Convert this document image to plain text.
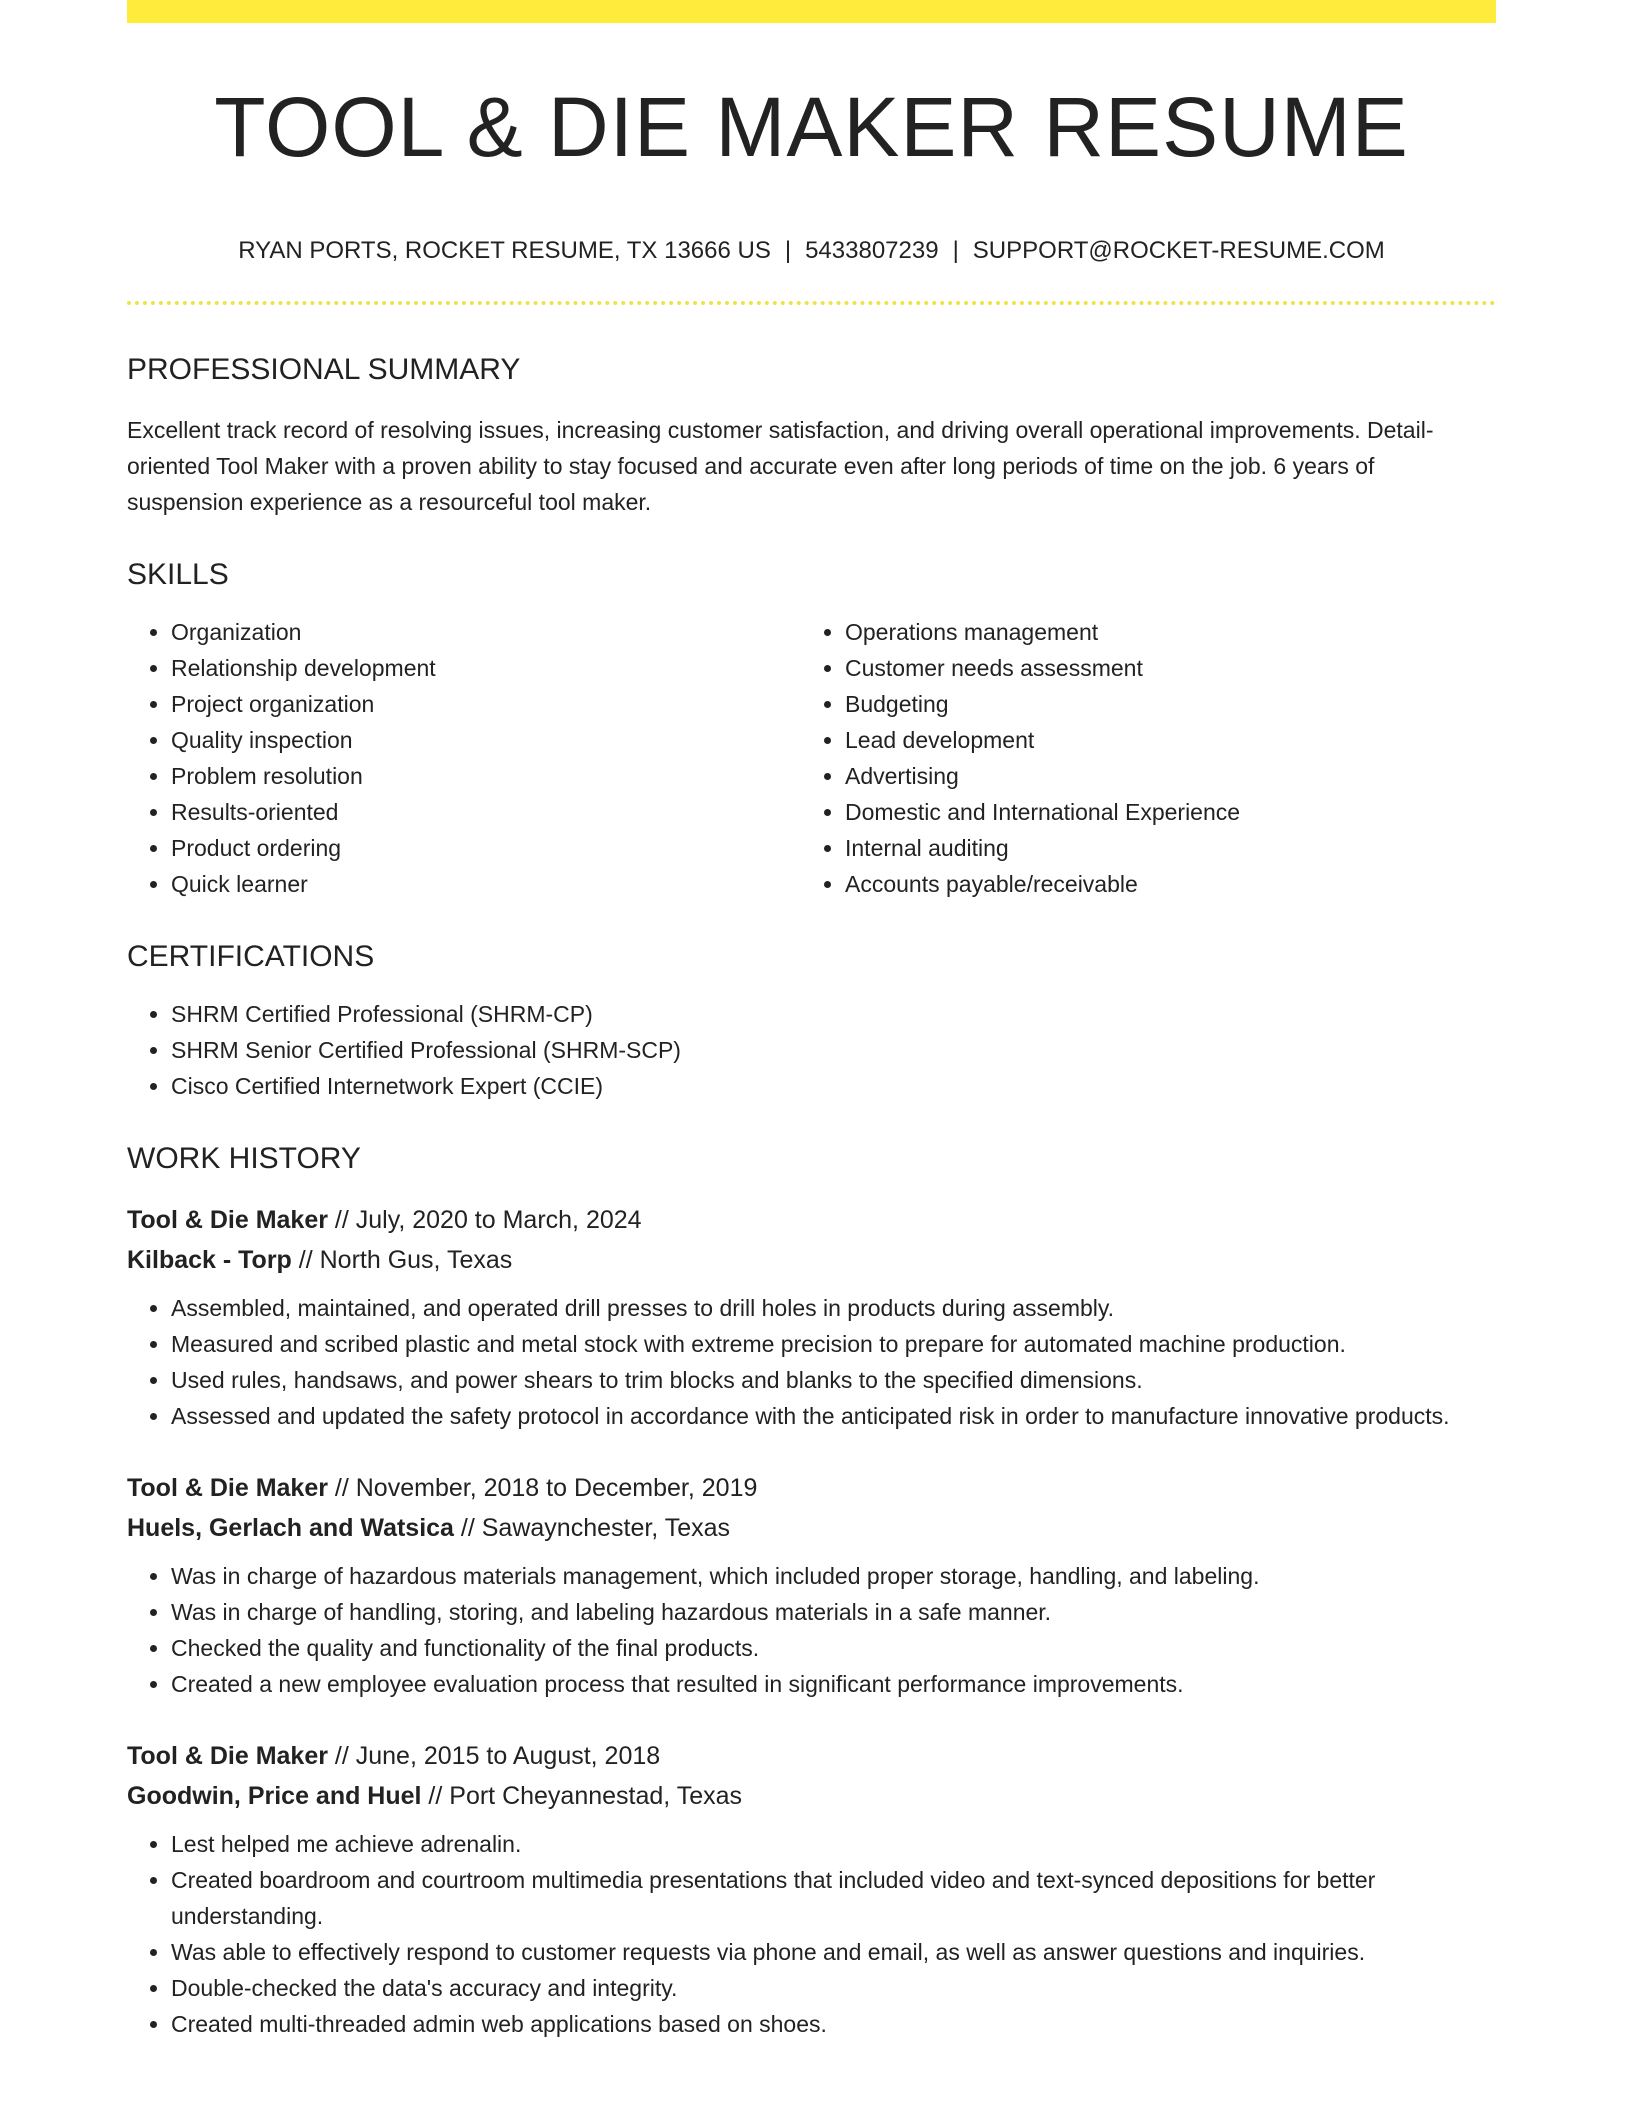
TOOL & DIE MAKER RESUME
RYAN PORTS, ROCKET RESUME, TX 13666 US | 5433807239 | SUPPORT@ROCKET-RESUME.COM
PROFESSIONAL SUMMARY
Excellent track record of resolving issues, increasing customer satisfaction, and driving overall operational improvements. Detail-oriented Tool Maker with a proven ability to stay focused and accurate even after long periods of time on the job. 6 years of suspension experience as a resourceful tool maker.
SKILLS
• Organization
• Relationship development
• Project organization
• Quality inspection
• Problem resolution
• Results-oriented
• Product ordering
• Quick learner
• Operations management
• Customer needs assessment
• Budgeting
• Lead development
• Advertising
• Domestic and International Experience
• Internal auditing
• Accounts payable/receivable
CERTIFICATIONS
• SHRM Certified Professional (SHRM-CP)
• SHRM Senior Certified Professional (SHRM-SCP)
• Cisco Certified Internetwork Expert (CCIE)
WORK HISTORY
Tool & Die Maker // July, 2020 to March, 2024
Kilback - Torp // North Gus, Texas
• Assembled, maintained, and operated drill presses to drill holes in products during assembly.
• Measured and scribed plastic and metal stock with extreme precision to prepare for automated machine production.
• Used rules, handsaws, and power shears to trim blocks and blanks to the specified dimensions.
• Assessed and updated the safety protocol in accordance with the anticipated risk in order to manufacture innovative products.
Tool & Die Maker // November, 2018 to December, 2019
Huels, Gerlach and Watsica // Sawaynchester, Texas
• Was in charge of hazardous materials management, which included proper storage, handling, and labeling.
• Was in charge of handling, storing, and labeling hazardous materials in a safe manner.
• Checked the quality and functionality of the final products.
• Created a new employee evaluation process that resulted in significant performance improvements.
Tool & Die Maker // June, 2015 to August, 2018
Goodwin, Price and Huel // Port Cheyannestad, Texas
• Lest helped me achieve adrenalin.
• Created boardroom and courtroom multimedia presentations that included video and text-synced depositions for better understanding.
• Was able to effectively respond to customer requests via phone and email, as well as answer questions and inquiries.
• Double-checked the data's accuracy and integrity.
• Created multi-threaded admin web applications based on shoes.
